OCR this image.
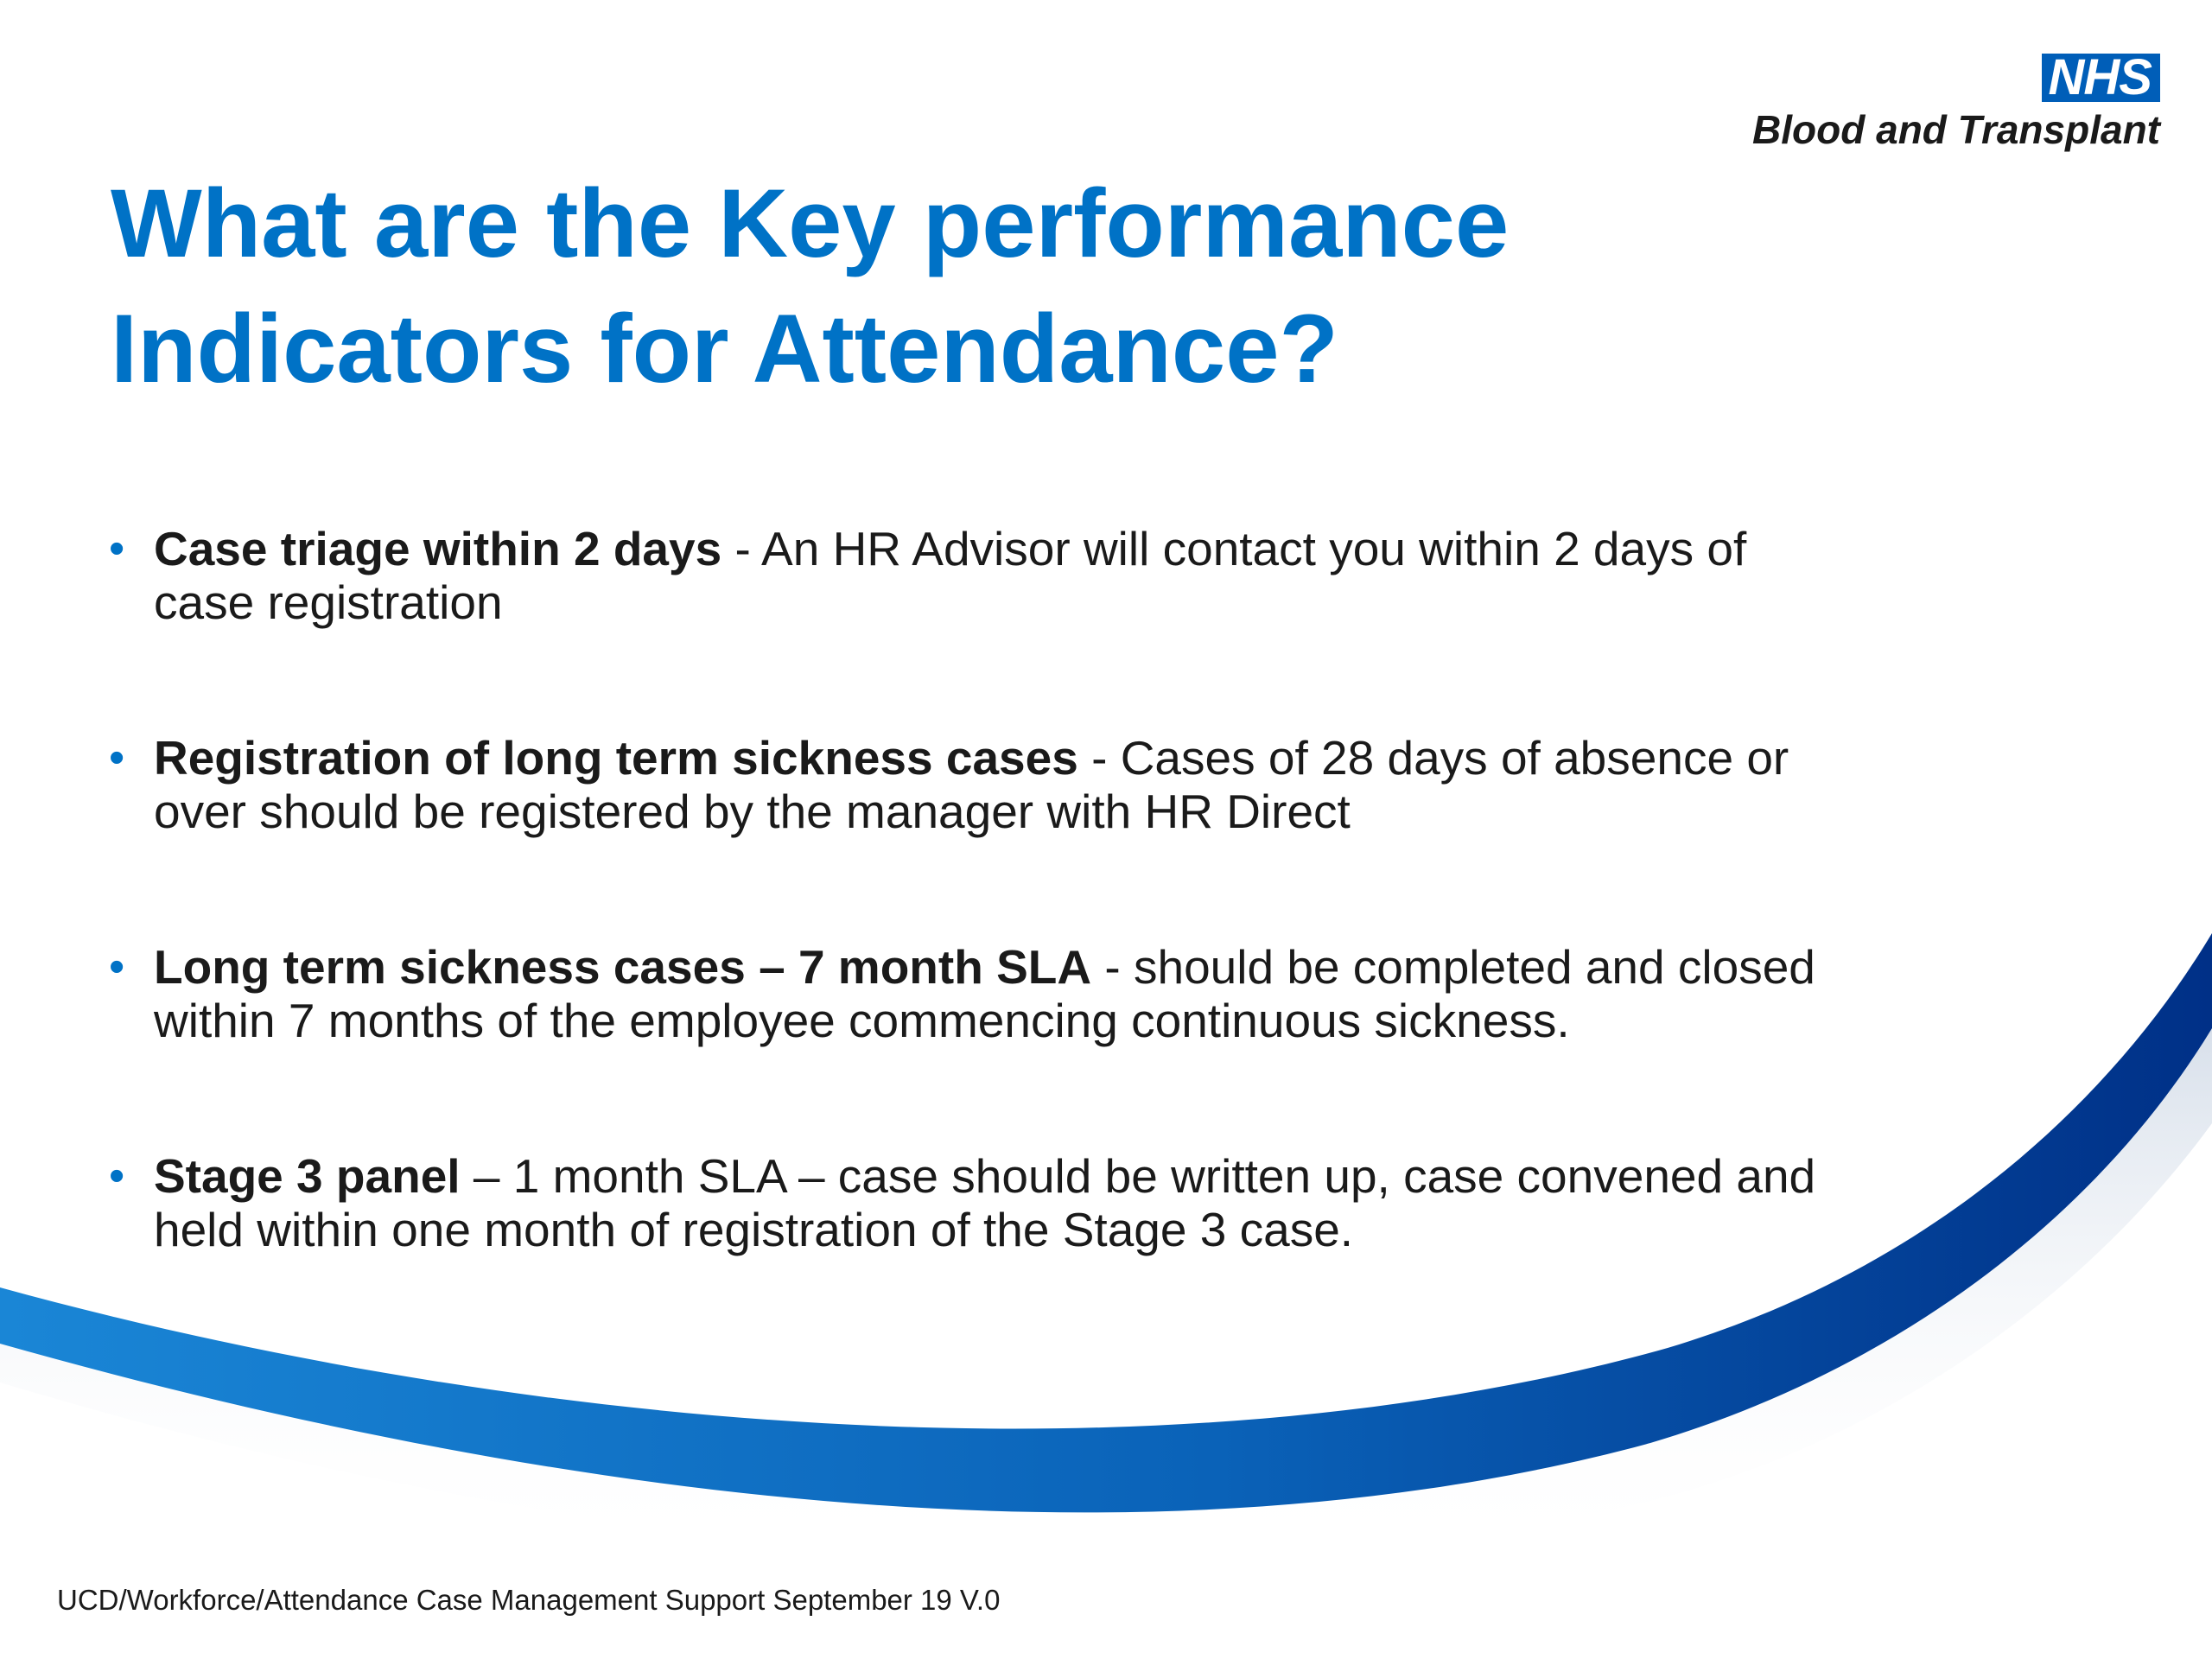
NHS
Blood and Transplant
What are the Key performance
Indicators for Attendance?
• Case triage within 2 days - An HR Advisor will contact you within 2 days of case registration
• Registration of long term sickness cases - Cases of 28 days of absence or over should be registered by the manager with HR Direct
• Long term sickness cases – 7 month SLA - should be completed and closed within 7 months of the employee commencing continuous sickness.
• Stage 3 panel – 1 month SLA – case should be written up, case convened and held within one month of registration of the Stage 3 case.
UCD/Workforce/Attendance Case Management Support September 19 V.0
